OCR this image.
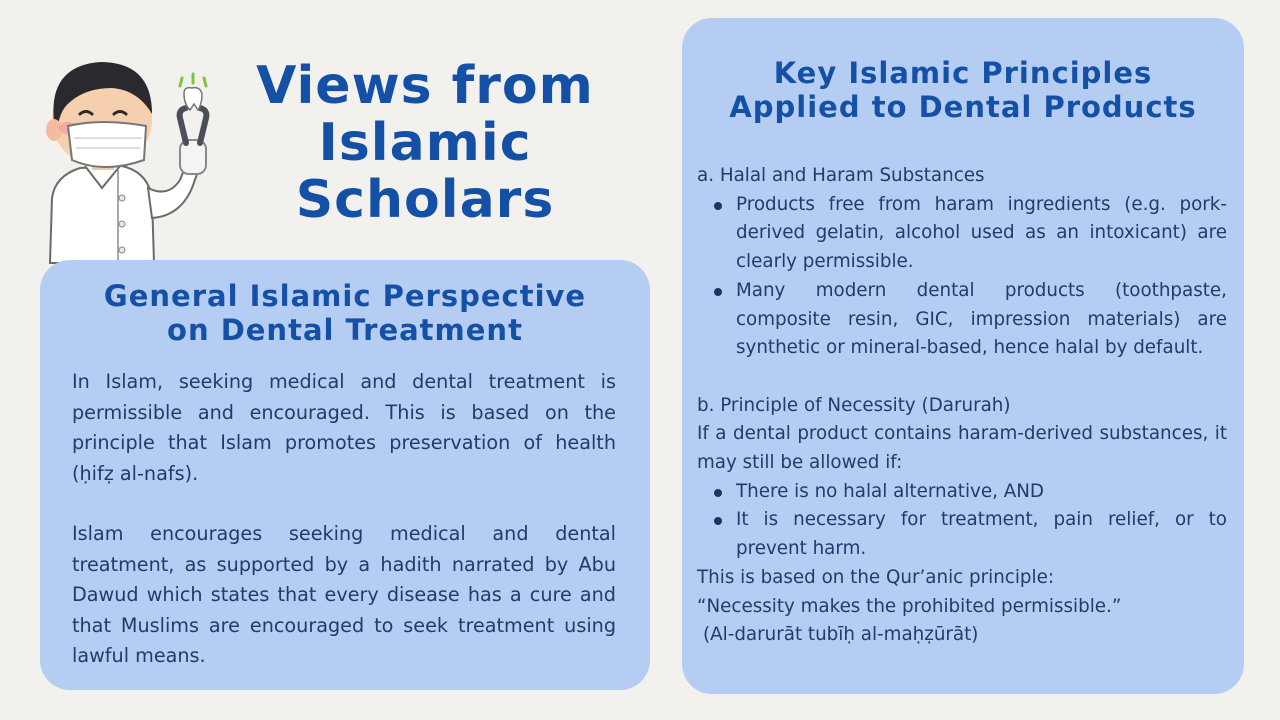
Views from
Islamic
Scholars
General Islamic Perspective
on Dental Treatment

In Islam, seeking medical and dental treatment is permissible and encouraged. This is based on the principle that Islam promotes preservation of health (ḥifẓ al-nafs).

Islam encourages seeking medical and dental treatment, as supported by a hadith narrated by Abu Dawud which states that every disease has a cure and that Muslims are encouraged to seek treatment using lawful means.

Key Islamic Principles
Applied to Dental Products

a. Halal and Haram Substances

Products free from haram ingredients (e.g. pork-derived gelatin, alcohol used as an intoxicant) are clearly permissible.
Many modern dental products (toothpaste, composite resin, GIC, impression materials) are synthetic or mineral-based, hence halal by default.

b. Principle of Necessity (Darurah)

If a dental product contains haram-derived substances, it may still be allowed if:

There is no halal alternative, AND
It is necessary for treatment, pain relief, or to prevent harm.

This is based on the Qur’anic principle:

“Necessity makes the prohibited permissible.”

(Al-darurāt tubīḥ al-maḥẓūrāt)
